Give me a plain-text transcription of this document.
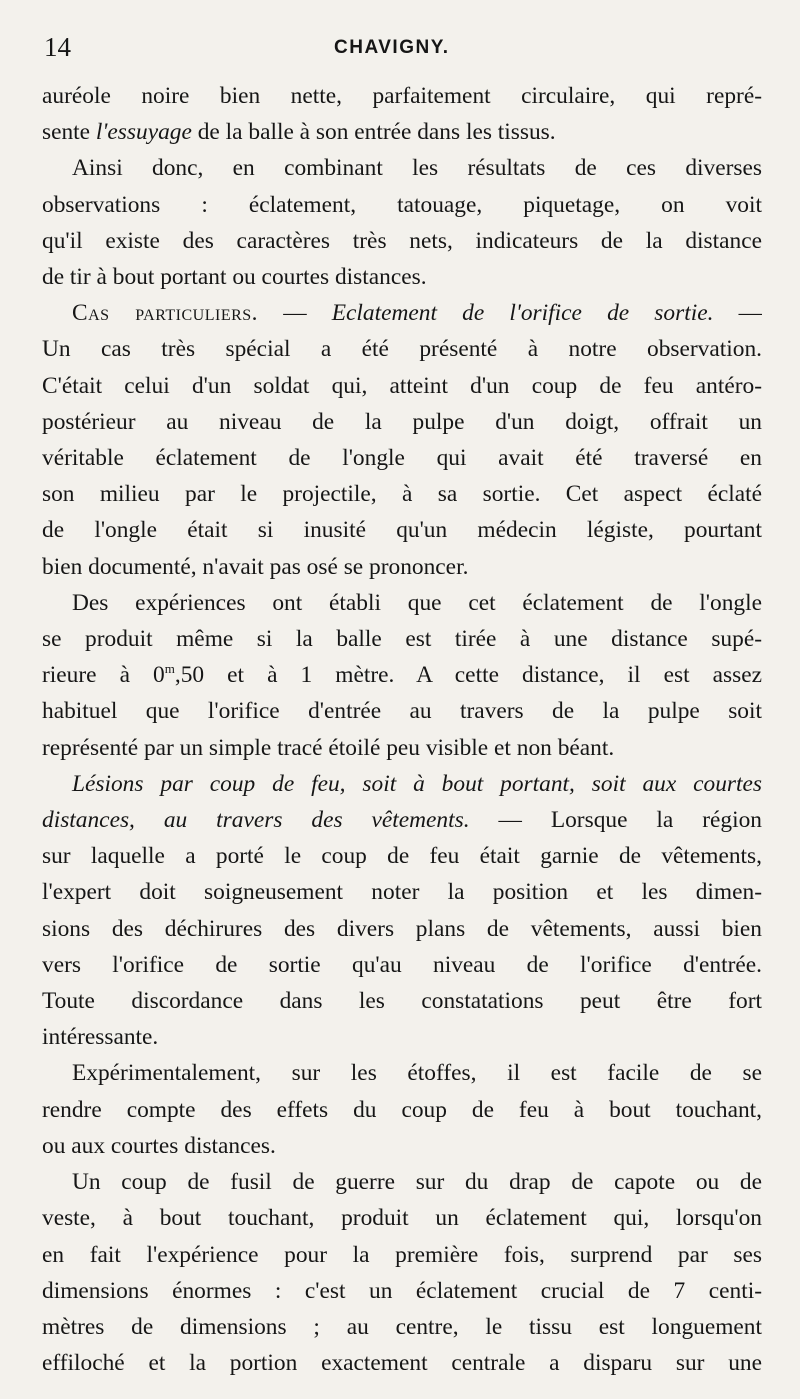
14	CHAVIGNY.
auréole noire bien nette, parfaitement circulaire, qui repré-
sente l'essuyage de la balle à son entrée dans les tissus.
Ainsi donc, en combinant les résultats de ces diverses
observations : éclatement, tatouage, piquetage, on voit
qu'il existe des caractères très nets, indicateurs de la distance
de tir à bout portant ou courtes distances.
Cas particuliers. — Eclatement de l'orifice de sortie. —
Un cas très spécial a été présenté à notre observation.
C'était celui d'un soldat qui, atteint d'un coup de feu antéro-
postérieur au niveau de la pulpe d'un doigt, offrait un
véritable éclatement de l'ongle qui avait été traversé en
son milieu par le projectile, à sa sortie. Cet aspect éclaté
de l'ongle était si inusité qu'un médecin légiste, pourtant
bien documenté, n'avait pas osé se prononcer.
Des expériences ont établi que cet éclatement de l'ongle
se produit même si la balle est tirée à une distance supé-
rieure à 0$^m$,50 et à 1 mètre. A cette distance, il est assez
habituel que l'orifice d'entrée au travers de la pulpe soit
représenté par un simple tracé étoilé peu visible et non béant.
Lésions par coup de feu, soit à bout portant, soit aux courtes
distances, au travers des vêtements. — Lorsque la région
sur laquelle a porté le coup de feu était garnie de vêtements,
l'expert doit soigneusement noter la position et les dimen-
sions des déchirures des divers plans de vêtements, aussi bien
vers l'orifice de sortie qu'au niveau de l'orifice d'entrée.
Toute discordance dans les constatations peut être fort
intéressante.
Expérimentalement, sur les étoffes, il est facile de se
rendre compte des effets du coup de feu à bout touchant,
ou aux courtes distances.
Un coup de fusil de guerre sur du drap de capote ou de
veste, à bout touchant, produit un éclatement qui, lorsqu'on
en fait l'expérience pour la première fois, surprend par ses
dimensions énormes : c'est un éclatement crucial de 7 centi-
mètres de dimensions ; au centre, le tissu est longuement
effiloché et la portion exactement centrale a disparu sur une
